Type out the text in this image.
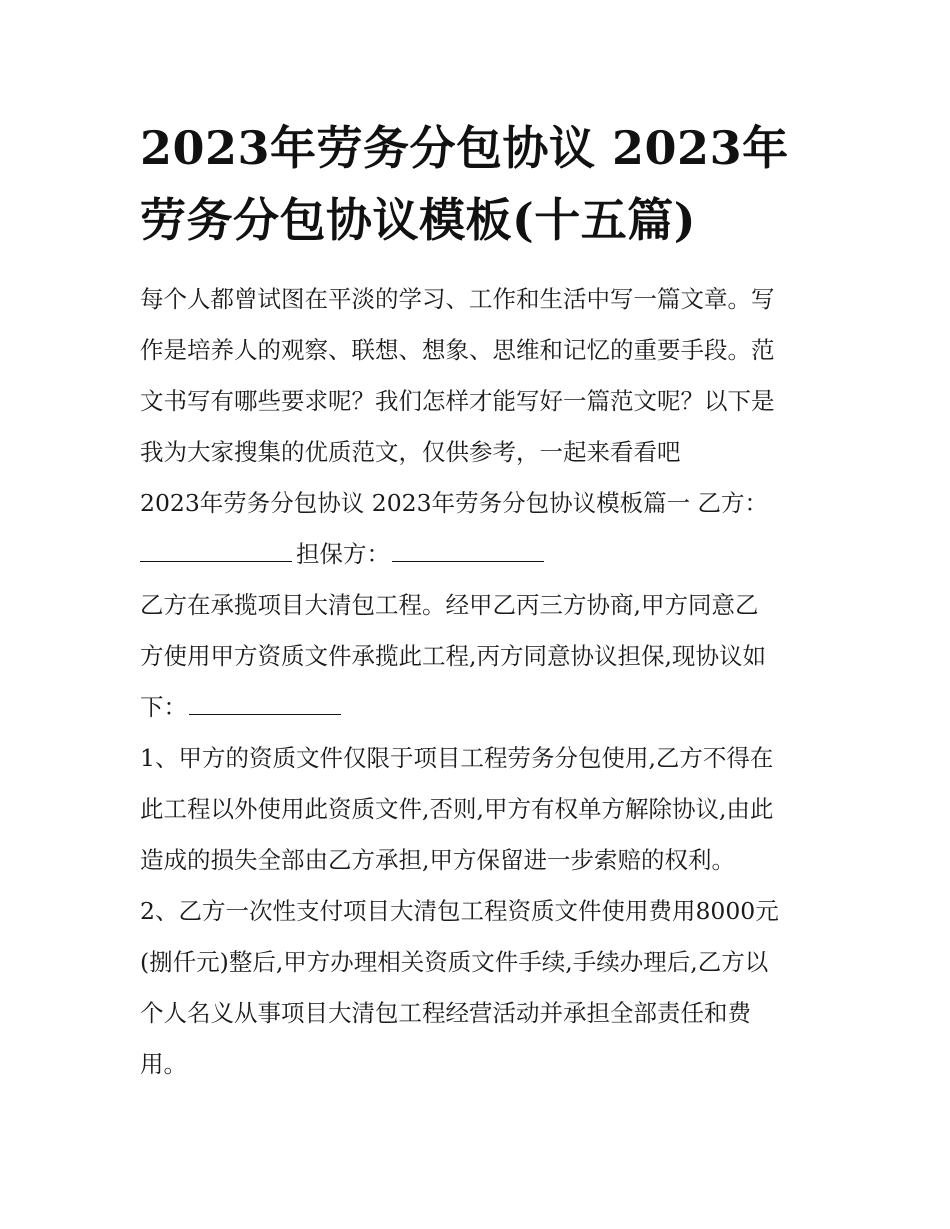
2023年劳务分包协议 2023年
劳务分包协议模板(十五篇)
每个人都曾试图在平淡的学习、工作和生活中写一篇文章。写
作是培养人的观察、联想、想象、思维和记忆的重要手段。范
文书写有哪些要求呢？我们怎样才能写好一篇范文呢？以下是
我为大家搜集的优质范文，仅供参考，一起来看看吧
2023年劳务分包协议 2023年劳务分包协议模板篇一 乙方：
担保方：
乙方在承揽项目大清包工程。经甲乙丙三方协商,甲方同意乙
方使用甲方资质文件承揽此工程,丙方同意协议担保,现协议如
下：
1、甲方的资质文件仅限于项目工程劳务分包使用,乙方不得在
此工程以外使用此资质文件,否则,甲方有权单方解除协议,由此
造成的损失全部由乙方承担,甲方保留进一步索赔的权利。
2、乙方一次性支付项目大清包工程资质文件使用费用8000元
(捌仟元)整后,甲方办理相关资质文件手续,手续办理后,乙方以
个人名义从事项目大清包工程经营活动并承担全部责任和费
用。
